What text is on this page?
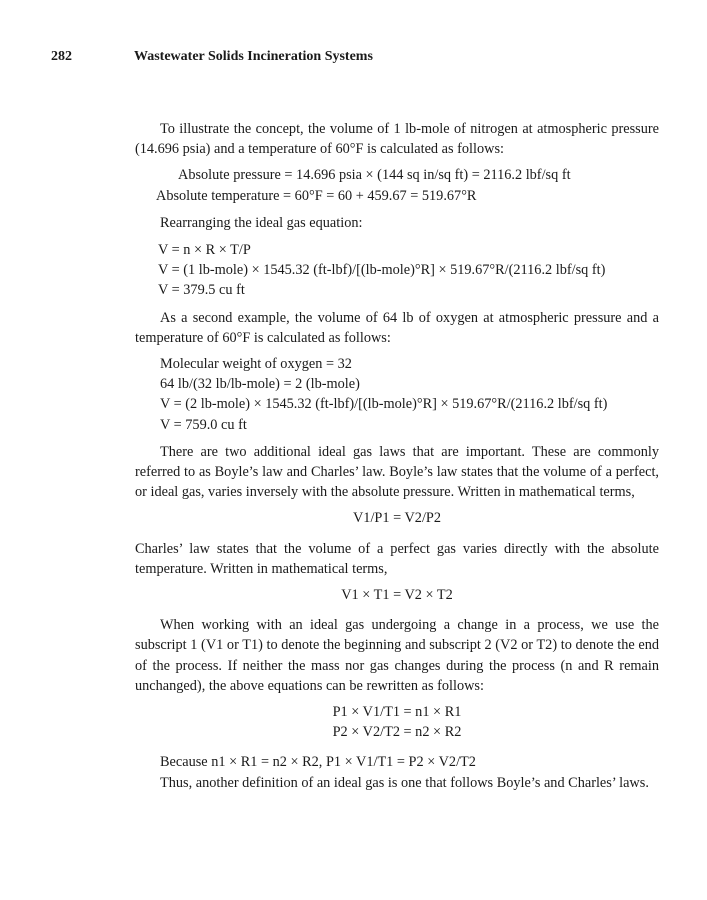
282	Wastewater Solids Incineration Systems

To illustrate the concept, the volume of 1 lb-mole of nitrogen at atmospheric pressure (14.696 psia) and a temperature of 60°F is calculated as follows:

Absolute pressure = 14.696 psia × (144 sq in/sq ft) = 2116.2 lbf/sq ft
Absolute temperature = 60°F = 60 + 459.67 = 519.67°R
Rearranging the ideal gas equation:
V = n × R × T/P
V = (1 lb-mole) × 1545.32 (ft-lbf)/[(lb-mole)°R] × 519.67°R/(2116.2 lbf/sq ft)
V = 379.5 cu ft

As a second example, the volume of 64 lb of oxygen at atmospheric pressure and a temperature of 60°F is calculated as follows:

Molecular weight of oxygen = 32
64 lb/(32 lb/lb-mole) = 2 (lb-mole)
V = (2 lb-mole) × 1545.32 (ft-lbf)/[(lb-mole)°R] × 519.67°R/(2116.2 lbf/sq ft)
V = 759.0 cu ft

There are two additional ideal gas laws that are important. These are commonly referred to as Boyle’s law and Charles’ law. Boyle’s law states that the volume of a perfect, or ideal gas, varies inversely with the absolute pressure. Written in mathematical terms,

V1/P1 = V2/P2

Charles’ law states that the volume of a perfect gas varies directly with the absolute temperature. Written in mathematical terms,

V1 × T1 = V2 × T2

When working with an ideal gas undergoing a change in a process, we use the subscript 1 (V1 or T1) to denote the beginning and subscript 2 (V2 or T2) to denote the end of the process. If neither the mass nor gas changes during the process (n and R remain unchanged), the above equations can be rewritten as follows:

P1 × V1/T1 = n1 × R1
P2 × V2/T2 = n2 × R2
Because n1 × R1 = n2 × R2, P1 × V1/T1 = P2 × V2/T2

Thus, another definition of an ideal gas is one that follows Boyle’s and Charles’ laws.
